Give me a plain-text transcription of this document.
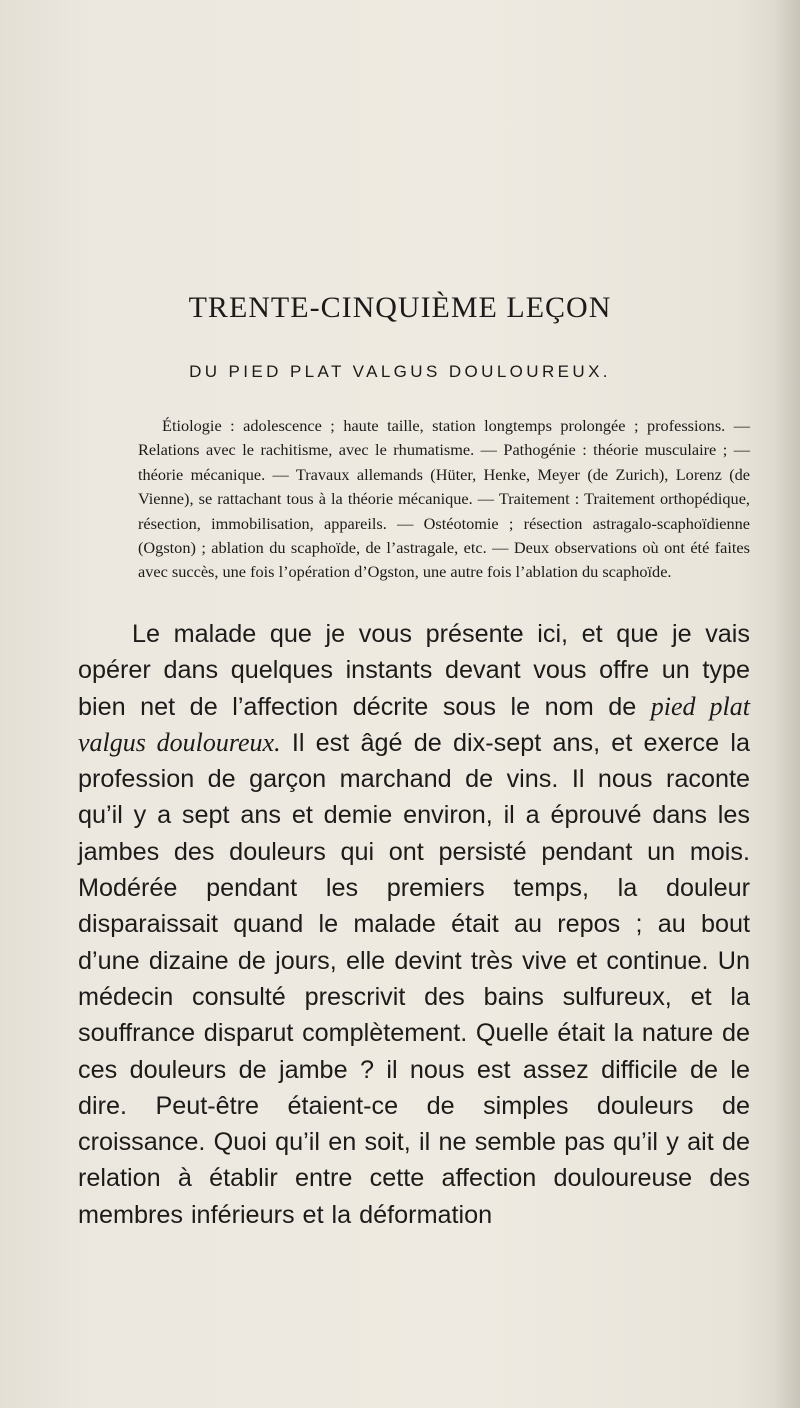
TRENTE-CINQUIÈME LEÇON
DU PIED PLAT VALGUS DOULOUREUX.

Étiologie : adolescence ; haute taille, station longtemps prolongée ; professions. — Relations avec le rachitisme, avec le rhumatisme. — Pathogénie : théorie musculaire ; — théorie mécanique. — Travaux allemands (Hüter, Henke, Meyer (de Zurich), Lorenz (de Vienne), se rattachant tous à la théorie mécanique. — Traitement : Traitement orthopédique, résection, immobilisation, appareils. — Ostéotomie ; résection astragalo-scaphoïdienne (Ogston) ; ablation du scaphoïde, de l’astragale, etc. — Deux observations où ont été faites avec succès, une fois l’opération d’Ogston, une autre fois l’ablation du scaphoïde.

Le malade que je vous présente ici, et que je vais opérer dans quelques instants devant vous offre un type bien net de l’affection décrite sous le nom de pied plat valgus douloureux. Il est âgé de dix-sept ans, et exerce la profession de garçon marchand de vins. Il nous raconte qu’il y a sept ans et demie environ, il a éprouvé dans les jambes des douleurs qui ont persisté pendant un mois. Modérée pendant les premiers temps, la douleur disparaissait quand le malade était au repos ; au bout d’une dizaine de jours, elle devint très vive et continue. Un médecin consulté prescrivit des bains sulfureux, et la souffrance disparut complètement. Quelle était la nature de ces douleurs de jambe ? il nous est assez difficile de le dire. Peut-être étaient-ce de simples douleurs de croissance. Quoi qu’il en soit, il ne semble pas qu’il y ait de relation à établir entre cette affection douloureuse des membres inférieurs et la déformation
